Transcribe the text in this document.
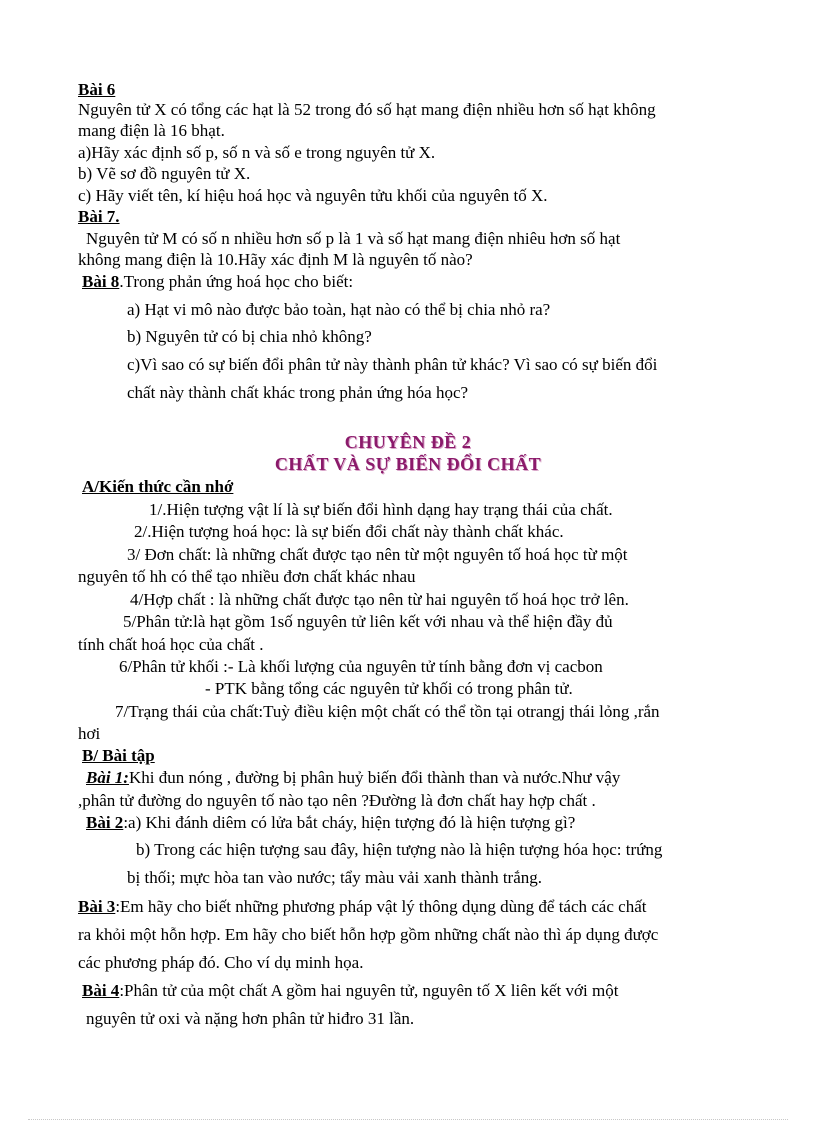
Bài 6
Nguyên tử X có tổng các hạt là 52 trong đó số hạt mang điện nhiều hơn số hạt không
mang điện là 16 bhạt.
a)Hãy xác định số p, số n và số e trong nguyên tử X.
b) Vẽ sơ đồ nguyên tử X.
c) Hãy viết tên, kí hiệu hoá học và nguyên tửu khối của nguyên tố X.
Bài 7.
Nguyên tử M có số n nhiều hơn số p là 1 và số hạt mang điện nhiêu hơn số hạt
không mang điện là 10.Hãy xác định M là nguyên tố nào?
Bài 8.Trong phản ứng hoá học cho biết:
a) Hạt vi mô nào được bảo toàn, hạt nào có thể bị chia nhỏ ra?
b) Nguyên tử có bị chia nhỏ không?
c)Vì sao có sự biến đổi phân tử này thành phân tử khác? Vì sao có sự biến đổi
chất này thành chất khác trong phản ứng hóa học?
CHUYÊN ĐỀ 2
CHẤT VÀ SỰ BIẾN ĐỔI CHẤT
A/Kiến thức cần nhớ
1/.Hiện tượng vật lí là sự biến đổi hình dạng hay trạng thái của chất.
2/.Hiện tượng hoá học: là sự biến đổi chất này thành chất khác.
3/ Đơn chất: là những chất được tạo nên từ một nguyên tố hoá học từ một
nguyên tố hh có thể tạo nhiều đơn chất khác nhau
4/Hợp chất : là những chất được tạo nên từ hai nguyên tố hoá học trở lên.
5/Phân tử:là hạt gồm 1số nguyên tử liên kết với nhau và thể hiện đầy đủ
tính chất hoá học của chất .
6/Phân tử khối :- Là khối lượng của nguyên tử tính bằng đơn vị cacbon
- PTK bằng tổng các nguyên tử khối có trong phân tử.
7/Trạng thái của chất:Tuỳ điều kiện một chất có thể tồn tại otrangj thái lỏng ,rắn
hơi
B/ Bài tập
Bài 1:Khi đun nóng , đường bị phân huỷ biến đổi thành than và nước.Như vậy
,phân tử đường do nguyên tố nào tạo nên ?Đường là đơn chất hay hợp chất .
Bài 2:a) Khi đánh diêm có lửa bắt cháy, hiện tượng đó là hiện tượng gì?
b) Trong các hiện tượng sau đây, hiện tượng nào là hiện tượng hóa học: trứng
bị thối; mực hòa tan vào nước; tẩy màu vải xanh thành trắng.
Bài 3:Em hãy cho biết những phương pháp vật lý thông dụng dùng để tách các chất
ra khỏi một hỗn hợp. Em hãy cho biết hỗn hợp gồm những chất nào thì áp dụng được
các phương pháp đó. Cho ví dụ minh họa.
Bài 4:Phân tử của một chất A gồm hai nguyên tử, nguyên tố X liên kết với một
nguyên tử oxi và nặng hơn phân tử hiđro 31 lần.
